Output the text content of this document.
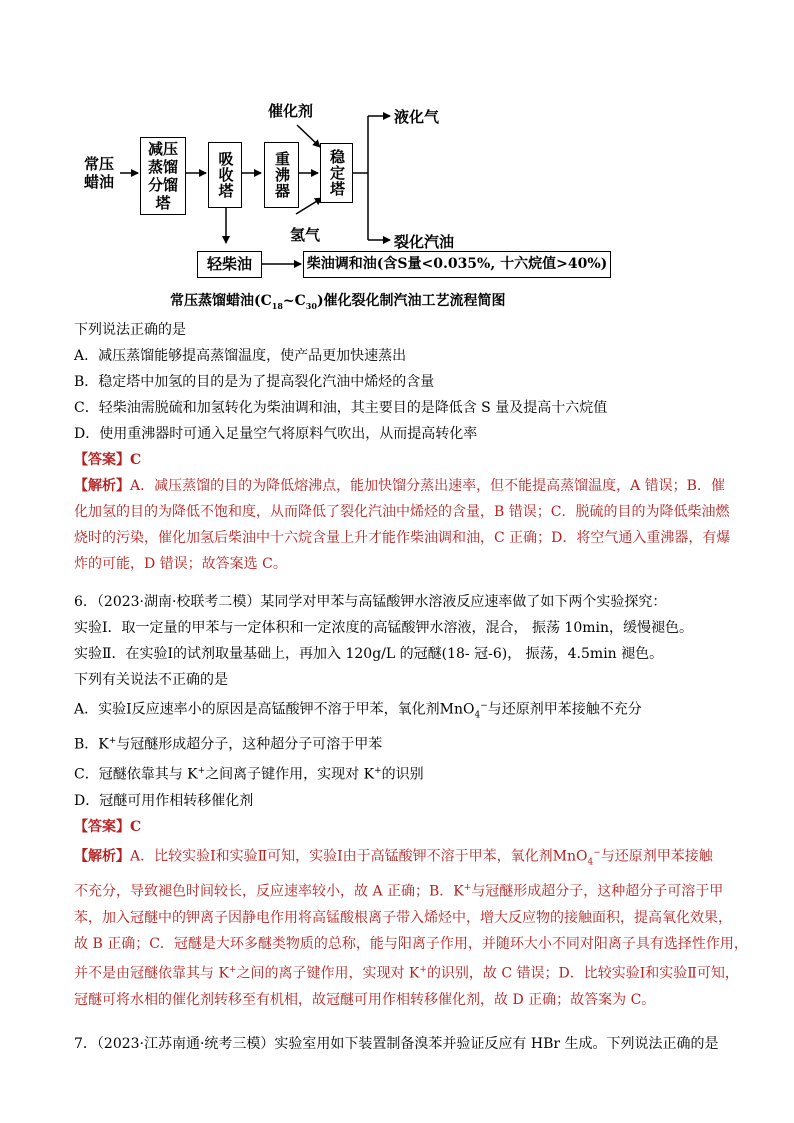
常压蜡油
减压蒸馏分馏塔
吸收塔	重沸器 稳定塔
催化剂
氢气
液化气
裂化汽油
轻柴油	柴油调和油(含S量<0.035%, 十六烷值>40%)
常压蒸馏蜡油$(C_{18}\sim C_{30})$催化裂化制汽油工艺流程简图
下列说法正确的是
A．减压蒸馏能够提高蒸馏温度，使产品更加快速蒸出
B．稳定塔中加氢的目的是为了提高裂化汽油中烯烃的含量
C．轻柴油需脱硫和加氢转化为柴油调和油，其主要目的是降低含 S 量及提高十六烷值
D．使用重沸器时可通入足量空气将原料气吹出，从而提高转化率
【答案】C
【解析】A．减压蒸馏的目的为降低熔沸点，能加快馏分蒸出速率，但不能提高蒸馏温度，A 错误；B．催
化加氢的目的为降低不饱和度，从而降低了裂化汽油中烯烃的含量，B 错误；C．脱硫的目的为降低柴油燃
烧时的污染，催化加氢后柴油中十六烷含量上升才能作柴油调和油，C 正确；D．将空气通入重沸器，有爆
炸的可能，D 错误；故答案选 C。
6．（2023·湖南·校联考二模）某同学对甲苯与高锰酸钾水溶液反应速率做了如下两个实验探究：
实验Ⅰ．取一定量的甲苯与一定体积和一定浓度的高锰酸钾水溶液，混合， 振荡 10min，缓慢褪色。
实验Ⅱ．在实验Ⅰ的试剂取量基础上，再加入 120g/L 的冠醚(18- 冠-6)， 振荡，4.5min 褪色。
下列有关说法不正确的是
A．实验Ⅰ反应速率小的原因是高锰酸钾不溶于甲苯，氧化剂MnO$_4$−与还原剂甲苯接触不充分
B．K+与冠醚形成超分子，这种超分子可溶于甲苯
C．冠醚依靠其与 K+之间离子键作用，实现对 K+的识别
D．冠醚可用作相转移催化剂
【答案】C
【解析】A．比较实验Ⅰ和实验Ⅱ可知，实验Ⅰ由于高锰酸钾不溶于甲苯，氧化剂MnO$_4$−与还原剂甲苯接触
不充分，导致褪色时间较长，反应速率较小，故 A 正确；B．K+与冠醚形成超分子，这种超分子可溶于甲
苯，加入冠醚中的钾离子因静电作用将高锰酸根离子带入烯烃中，增大反应物的接触面积，提高氧化效果，
故 B 正确；C．冠醚是大环多醚类物质的总称，能与阳离子作用，并随环大小不同对阳离子具有选择性作用，
并不是由冠醚依靠其与 K+之间的离子键作用，实现对 K+的识别，故 C 错误；D．比较实验Ⅰ和实验Ⅱ可知，
冠醚可将水相的催化剂转移至有机相，故冠醚可用作相转移催化剂，故 D 正确；故答案为 C。
7．（2023·江苏南通·统考三模）实验室用如下装置制备溴苯并验证反应有 HBr 生成。下列说法正确的是
